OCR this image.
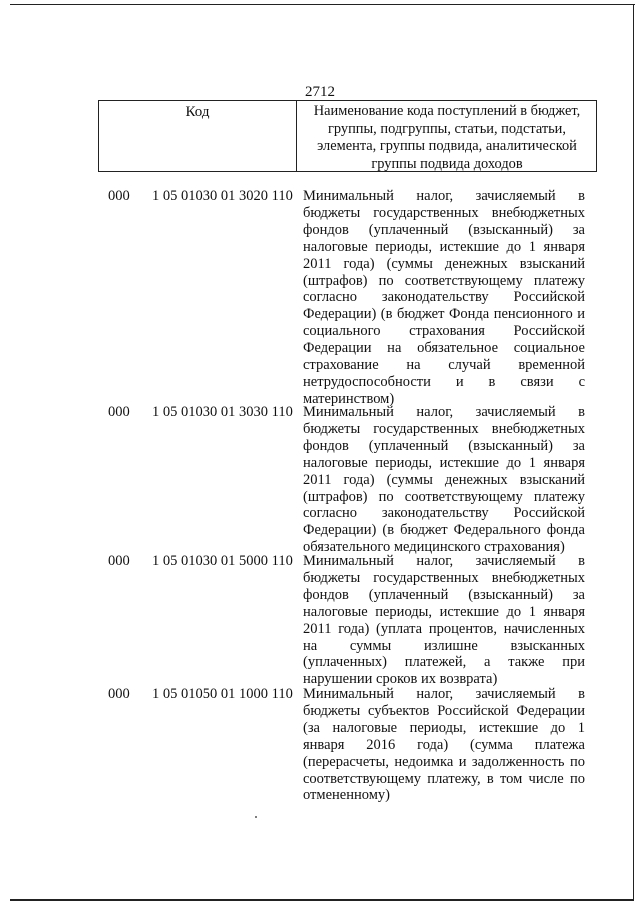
2712
Код	Наименование кода поступлений в бюджет, группы, подгруппы, статьи, подстатьи, элемента, группы подвида, аналитической группы подвида доходов
000 1 05 01030 01 3020 110 Минимальный налог, зачисляемый в бюджеты государственных внебюджетных фондов (уплаченный (взысканный) за налоговые периоды, истекшие до 1 января 2011 года) (суммы денежных взысканий (штрафов) по соответствующему платежу согласно законодательству Российской Федерации) (в бюджет Фонда пенсионного и социального страхования Российской Федерации на обязательное социальное страхование на случай временной нетрудоспособности и в связи с материнством)
000 1 05 01030 01 3030 110 Минимальный налог, зачисляемый в бюджеты государственных внебюджетных фондов (уплаченный (взысканный) за налоговые периоды, истекшие до 1 января 2011 года) (суммы денежных взысканий (штрафов) по соответствующему платежу согласно законодательству Российской Федерации) (в бюджет Федерального фонда обязательного медицинского страхования)
000 1 05 01030 01 5000 110 Минимальный налог, зачисляемый в бюджеты государственных внебюджетных фондов (уплаченный (взысканный) за налоговые периоды, истекшие до 1 января 2011 года) (уплата процентов, начисленных на суммы излишне взысканных (уплаченных) платежей, а также при нарушении сроков их возврата)
000 1 05 01050 01 1000 110 Минимальный налог, зачисляемый в бюджеты субъектов Российской Федерации (за налоговые периоды, истекшие до 1 января 2016 года) (сумма платежа (перерасчеты, недоимка и задолженность по соответствующему платежу, в том числе по отмененному)
